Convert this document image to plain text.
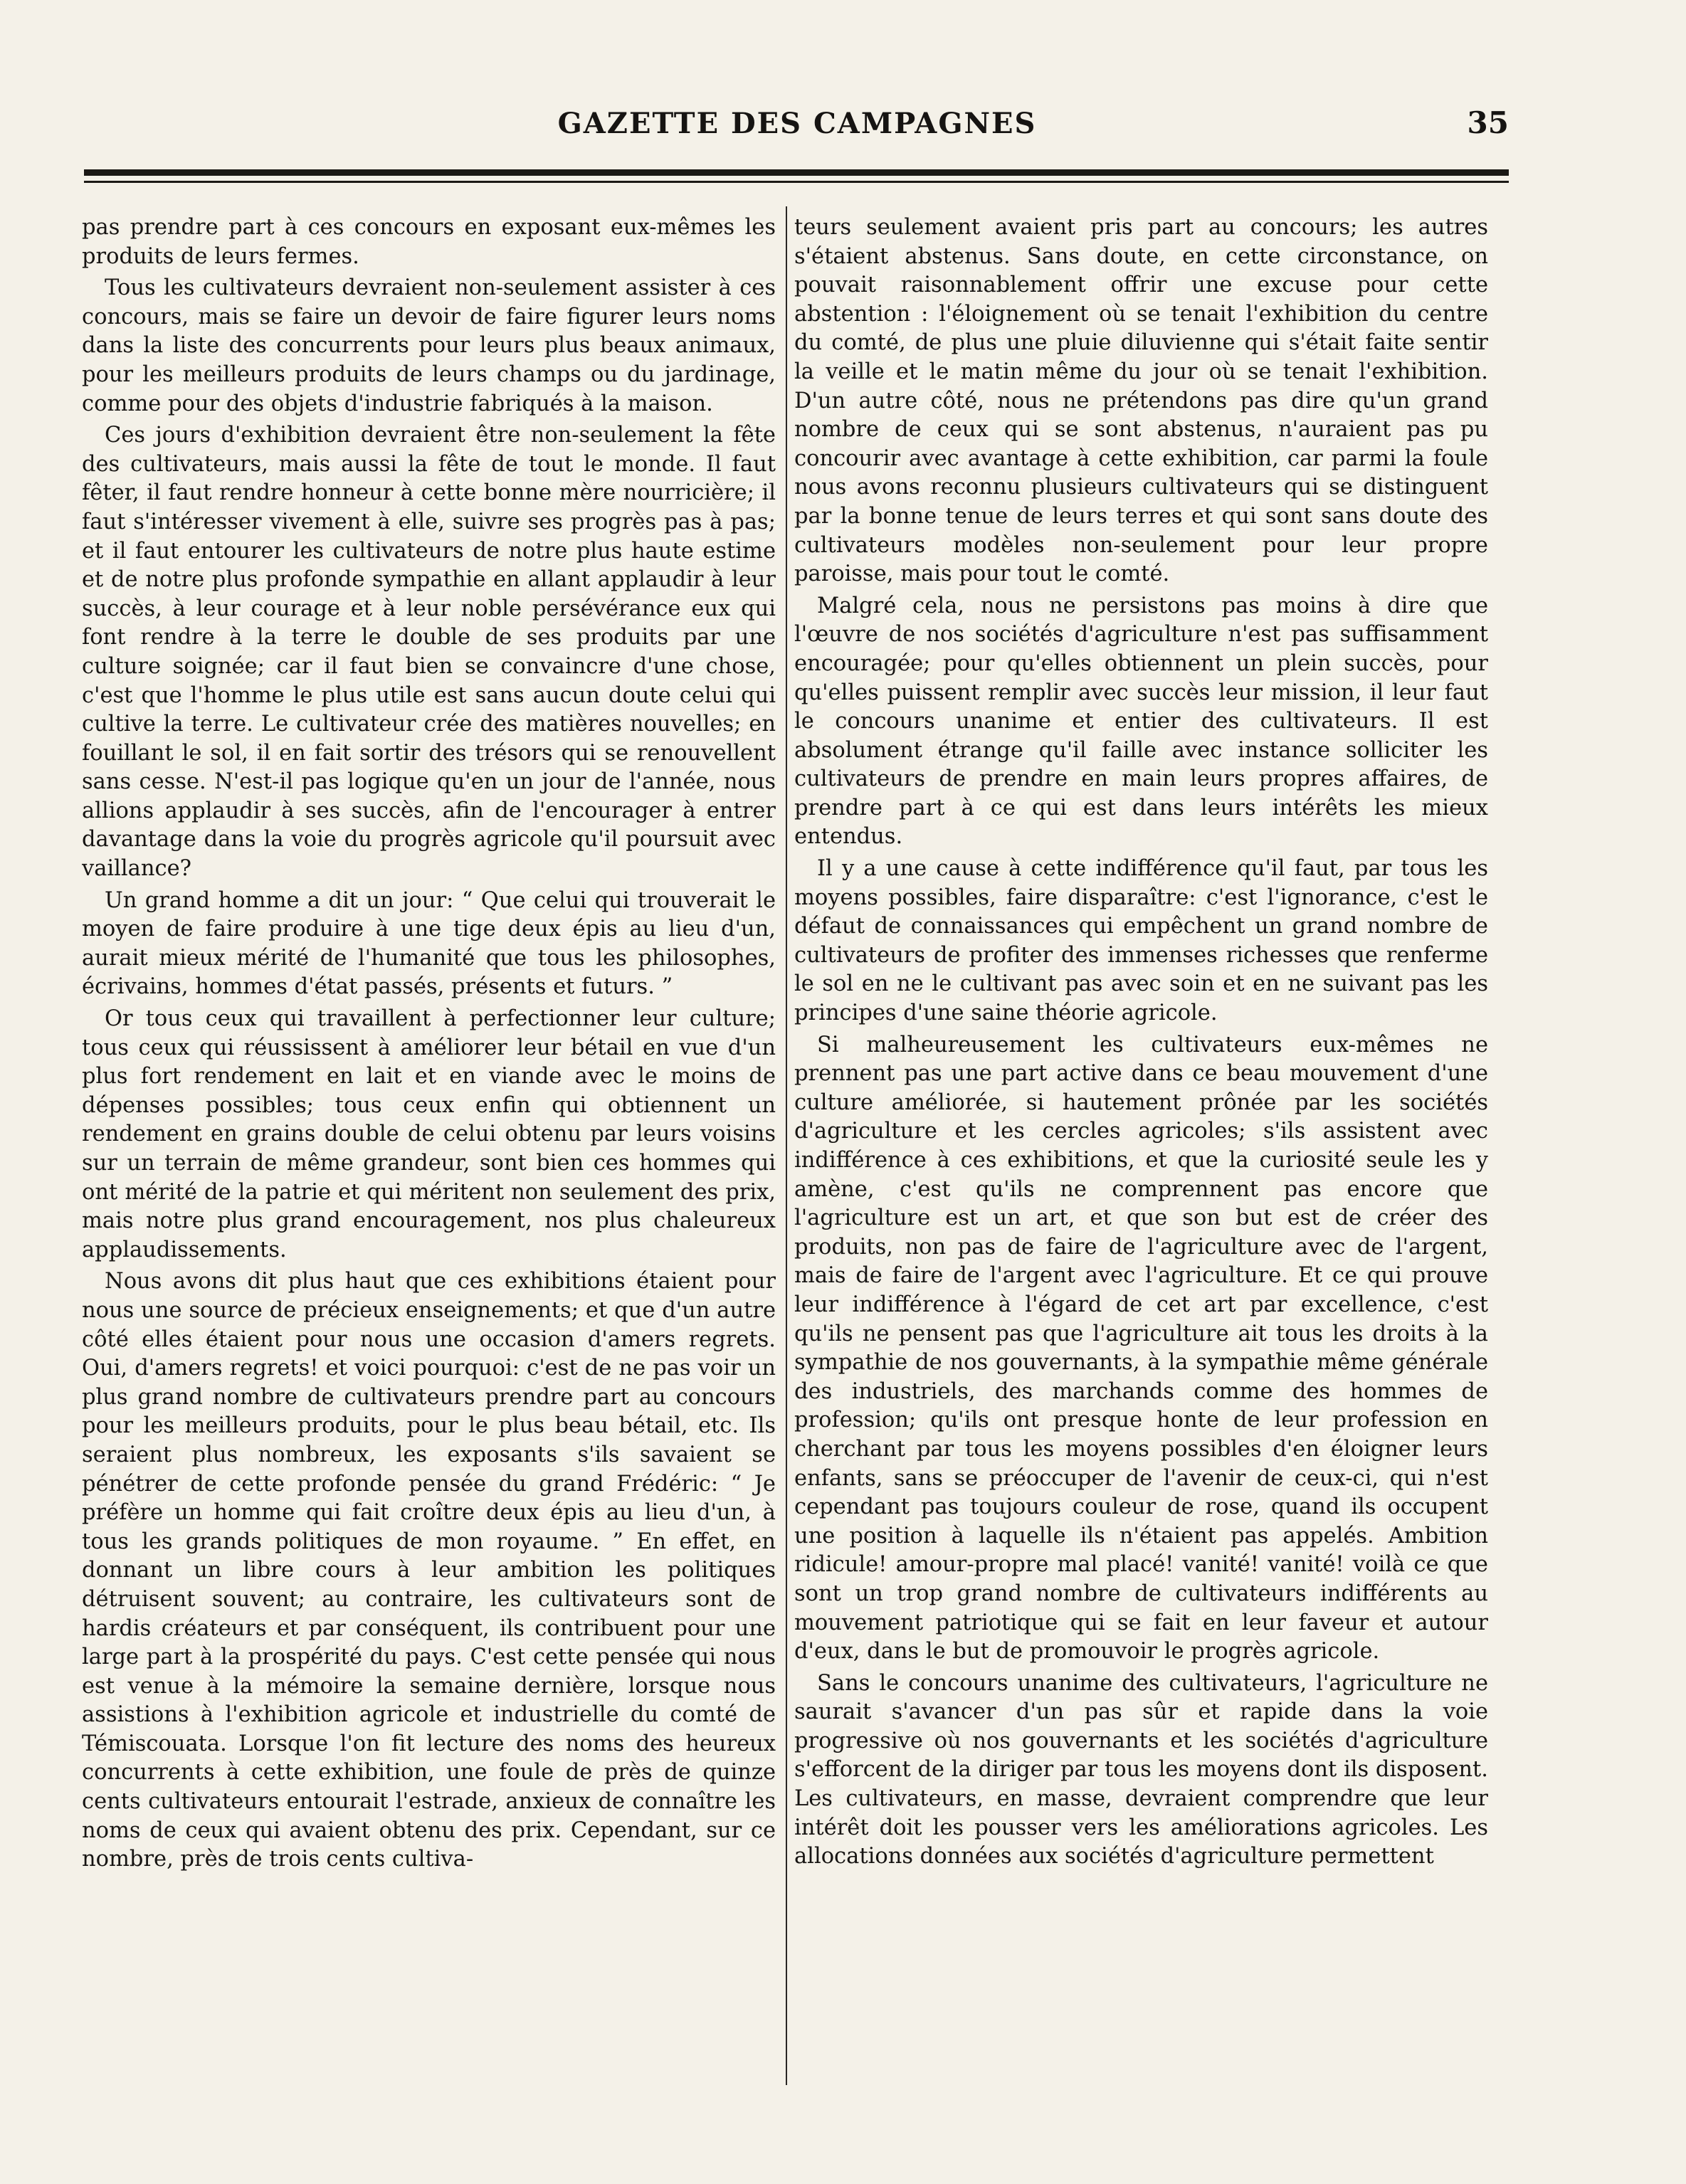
GAZETTE DES CAMPAGNES	35

pas prendre part à ces concours en exposant eux-mêmes les produits de leurs fermes.

Tous les cultivateurs devraient non-seulement assister à ces concours, mais se faire un devoir de faire figurer leurs noms dans la liste des concurrents pour leurs plus beaux animaux, pour les meilleurs produits de leurs champs ou du jardinage, comme pour des objets d'industrie fabriqués à la maison.

Ces jours d'exhibition devraient être non-seulement la fête des cultivateurs, mais aussi la fête de tout le monde. Il faut fêter, il faut rendre honneur à cette bonne mère nourricière; il faut s'intéresser vivement à elle, suivre ses progrès pas à pas; et il faut entourer les cultivateurs de notre plus haute estime et de notre plus profonde sympathie en allant applaudir à leur succès, à leur courage et à leur noble persévérance eux qui font rendre à la terre le double de ses produits par une culture soignée; car il faut bien se convaincre d'une chose, c'est que l'homme le plus utile est sans aucun doute celui qui cultive la terre. Le cultivateur crée des matières nouvelles; en fouillant le sol, il en fait sortir des trésors qui se renouvellent sans cesse. N'est-il pas logique qu'en un jour de l'année, nous allions applaudir à ses succès, afin de l'encourager à entrer davantage dans la voie du progrès agricole qu'il poursuit avec vaillance?

Un grand homme a dit un jour: “ Que celui qui trouverait le moyen de faire produire à une tige deux épis au lieu d'un, aurait mieux mérité de l'humanité que tous les philosophes, écrivains, hommes d'état passés, présents et futurs. ”

Or tous ceux qui travaillent à perfectionner leur culture; tous ceux qui réussissent à améliorer leur bétail en vue d'un plus fort rendement en lait et en viande avec le moins de dépenses possibles; tous ceux enfin qui obtiennent un rendement en grains double de celui obtenu par leurs voisins sur un terrain de même grandeur, sont bien ces hommes qui ont mérité de la patrie et qui méritent non seulement des prix, mais notre plus grand encouragement, nos plus chaleureux applaudissements.

Nous avons dit plus haut que ces exhibitions étaient pour nous une source de précieux enseignements; et que d'un autre côté elles étaient pour nous une occasion d'amers regrets. Oui, d'amers regrets! et voici pourquoi: c'est de ne pas voir un plus grand nombre de cultivateurs prendre part au concours pour les meilleurs produits, pour le plus beau bétail, etc. Ils seraient plus nombreux, les exposants s'ils savaient se pénétrer de cette profonde pensée du grand Frédéric: “ Je préfère un homme qui fait croître deux épis au lieu d'un, à tous les grands politiques de mon royaume. ” En effet, en donnant un libre cours à leur ambition les politiques détruisent souvent; au contraire, les cultivateurs sont de hardis créateurs et par conséquent, ils contribuent pour une large part à la prospérité du pays. C'est cette pensée qui nous est venue à la mémoire la semaine dernière, lorsque nous assistions à l'exhibition agricole et industrielle du comté de Témiscouata. Lorsque l'on fit lecture des noms des heureux concurrents à cette exhibition, une foule de près de quinze cents cultivateurs entourait l'estrade, anxieux de connaître les noms de ceux qui avaient obtenu des prix. Cependant, sur ce nombre, près de trois cents cultiva-

teurs seulement avaient pris part au concours; les autres s'étaient abstenus. Sans doute, en cette circonstance, on pouvait raisonnablement offrir une excuse pour cette abstention : l'éloignement où se tenait l'exhibition du centre du comté, de plus une pluie diluvienne qui s'était faite sentir la veille et le matin même du jour où se tenait l'exhibition. D'un autre côté, nous ne prétendons pas dire qu'un grand nombre de ceux qui se sont abstenus, n'auraient pas pu concourir avec avantage à cette exhibition, car parmi la foule nous avons reconnu plusieurs cultivateurs qui se distinguent par la bonne tenue de leurs terres et qui sont sans doute des cultivateurs modèles non-seulement pour leur propre paroisse, mais pour tout le comté.

Malgré cela, nous ne persistons pas moins à dire que l'œuvre de nos sociétés d'agriculture n'est pas suffisamment encouragée; pour qu'elles obtiennent un plein succès, pour qu'elles puissent remplir avec succès leur mission, il leur faut le concours unanime et entier des cultivateurs. Il est absolument étrange qu'il faille avec instance solliciter les cultivateurs de prendre en main leurs propres affaires, de prendre part à ce qui est dans leurs intérêts les mieux entendus.

Il y a une cause à cette indifférence qu'il faut, par tous les moyens possibles, faire disparaître: c'est l'ignorance, c'est le défaut de connaissances qui empêchent un grand nombre de cultivateurs de profiter des immenses richesses que renferme le sol en ne le cultivant pas avec soin et en ne suivant pas les principes d'une saine théorie agricole.

Si malheureusement les cultivateurs eux-mêmes ne prennent pas une part active dans ce beau mouvement d'une culture améliorée, si hautement prônée par les sociétés d'agriculture et les cercles agricoles; s'ils assistent avec indifférence à ces exhibitions, et que la curiosité seule les y amène, c'est qu'ils ne comprennent pas encore que l'agriculture est un art, et que son but est de créer des produits, non pas de faire de l'agriculture avec de l'argent, mais de faire de l'argent avec l'agriculture. Et ce qui prouve leur indifférence à l'égard de cet art par excellence, c'est qu'ils ne pensent pas que l'agriculture ait tous les droits à la sympathie de nos gouvernants, à la sympathie même générale des industriels, des marchands comme des hommes de profession; qu'ils ont presque honte de leur profession en cherchant par tous les moyens possibles d'en éloigner leurs enfants, sans se préoccuper de l'avenir de ceux-ci, qui n'est cependant pas toujours couleur de rose, quand ils occupent une position à laquelle ils n'étaient pas appelés. Ambition ridicule! amour-propre mal placé! vanité! vanité! voilà ce que sont un trop grand nombre de cultivateurs indifférents au mouvement patriotique qui se fait en leur faveur et autour d'eux, dans le but de promouvoir le progrès agricole.

Sans le concours unanime des cultivateurs, l'agriculture ne saurait s'avancer d'un pas sûr et rapide dans la voie progressive où nos gouvernants et les sociétés d'agriculture s'efforcent de la diriger par tous les moyens dont ils disposent. Les cultivateurs, en masse, devraient comprendre que leur intérêt doit les pousser vers les améliorations agricoles. Les allocations données aux sociétés d'agriculture permettent
